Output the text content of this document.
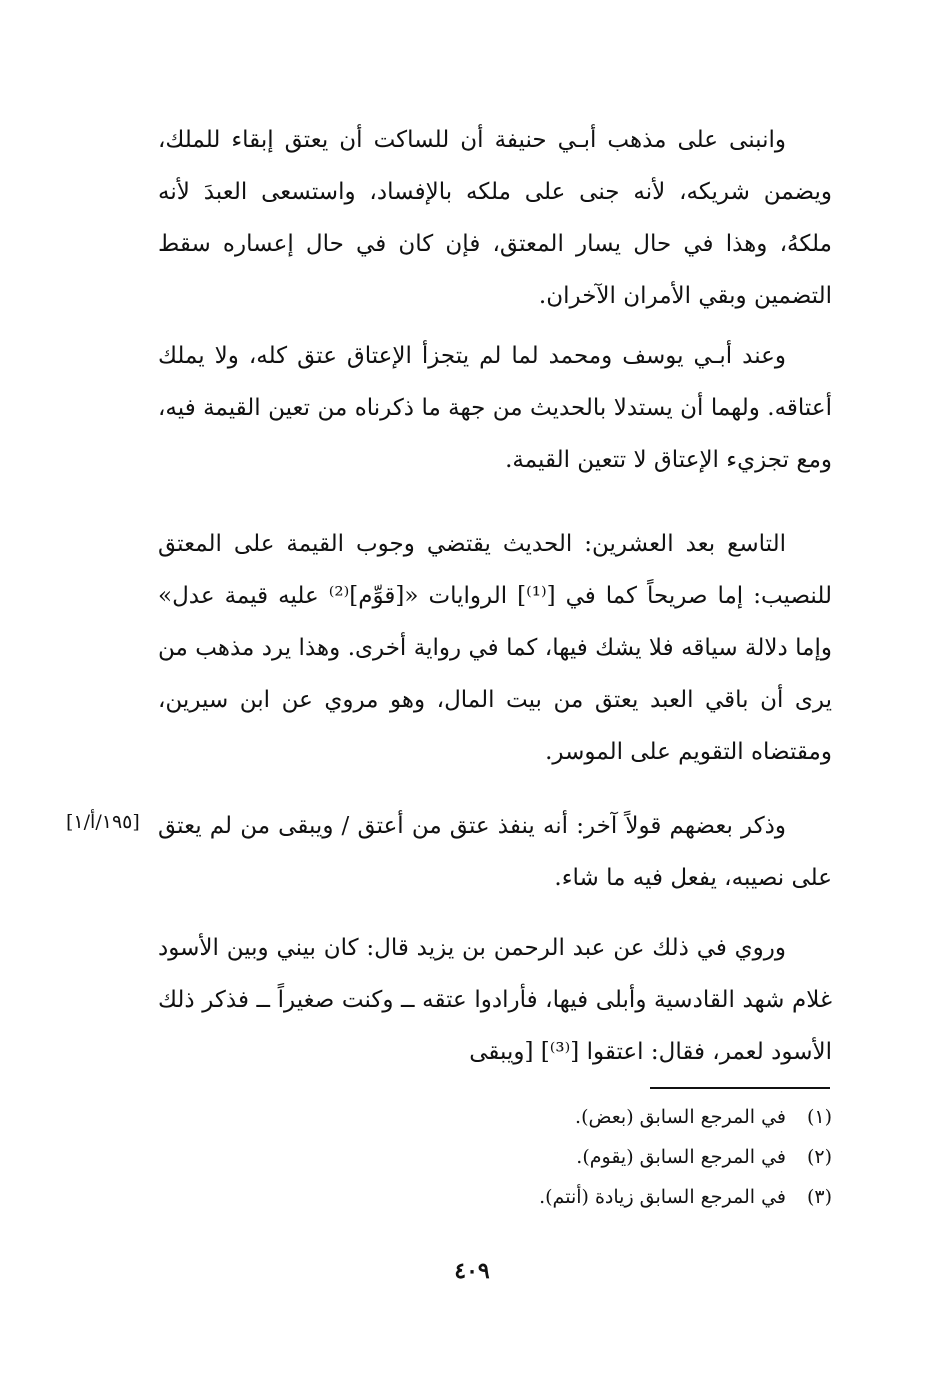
وانبنى على مذهب أبـي حنيفة أن للساكت أن يعتق إبقاء للملك، ويضمن شريكه، لأنه جنى على ملكه بالإفساد، واستسعى العبدَ لأنه ملكهُ، وهذا في حال يسار المعتق، فإن كان في حال إعساره سقط التضمين وبقي الأمران الآخران.

وعند أبـي يوسف ومحمد لما لم يتجزأ الإعتاق عتق كله، ولا يملك أعتاقه. ولهما أن يستدلا بالحديث من جهة ما ذكرناه من تعين القيمة فيه، ومع تجزيء الإعتاق لا تتعين القيمة.

التاسع بعد العشرين: الحديث يقتضي وجوب القيمة على المعتق للنصيب: إما صريحاً كما في [⁽¹⁾] الروايات «[قوِّم]⁽²⁾ عليه قيمة عدل» وإما دلالة سياقه فلا يشك فيها، كما في رواية أخرى. وهذا يرد مذهب من يرى أن باقي العبد يعتق من بيت المال، وهو مروي عن ابن سيرين، ومقتضاه التقويم على الموسر.

وذكر بعضهم قولاً آخر: أنه ينفذ عتق من أعتق / ويبقى من لم يعتق على نصيبه، يفعل فيه ما شاء.

وروي في ذلك عن عبد الرحمن بن يزيد قال: كان بيني وبين الأسود غلام شهد القادسية وأبلى فيها، فأرادوا عتقه ــ وكنت صغيراً ــ فذكر ذلك الأسود لعمر، فقال: اعتقوا [⁽³⁾] [ويبقى

[١٩٥/أ/١]
(١)
في المرجع السابق (بعض).
(٢)
في المرجع السابق (يقوم).
(٣)
في المرجع السابق زيادة (أنتم).
٤٠٩
